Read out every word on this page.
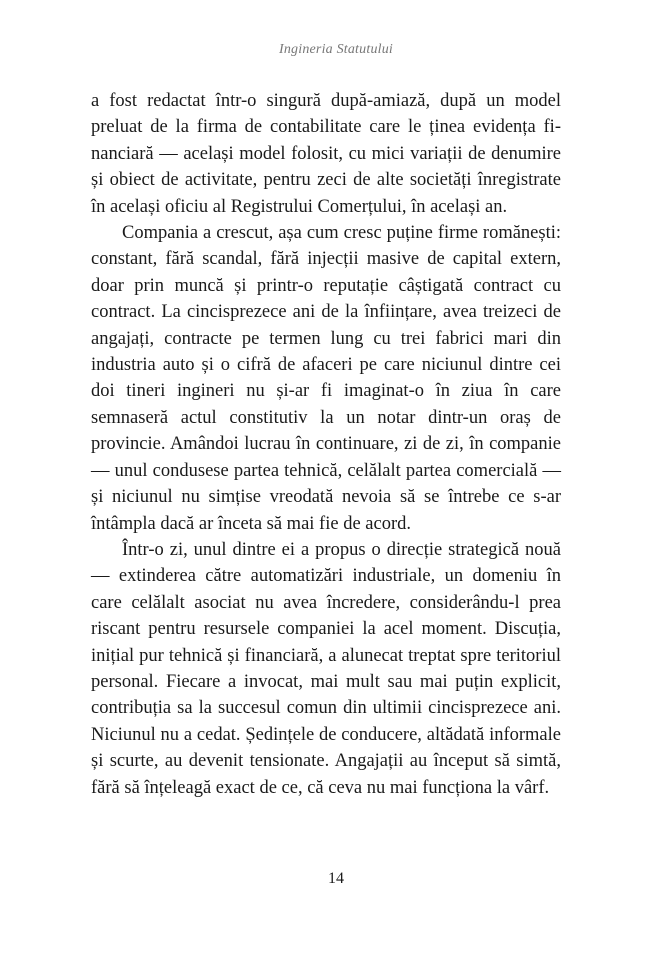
Ingineria Statutului

a fost redactat într-o singură după-amiază, după un model preluat de la firma de contabilitate care le ținea evidența financiară — același model folosit, cu mici variații de denumire și obiect de activitate, pentru zeci de alte societăți înregistrate în același oficiu al Registrului Comerțului, în același an.

Compania a crescut, așa cum cresc puține firme romănești: constant, fără scandal, fără injecții masive de capital extern, doar prin muncă și printr-o reputație câștigată contract cu contract. La cincisprezece ani de la înființare, avea treizeci de angajați, contracte pe termen lung cu trei fabrici mari din industria auto și o cifră de afaceri pe care niciunul dintre cei doi tineri ingineri nu și-ar fi imaginat-o în ziua în care semnaseră actul constitutiv la un notar dintr-un oraș de provincie. Amândoi lucrau în continuare, zi de zi, în companie — unul condusese partea tehnică, celălalt partea comercială — și niciunul nu simțise vreodată nevoia să se întrebe ce s-ar întâmpla dacă ar înceta să mai fie de acord.

Într-o zi, unul dintre ei a propus o direcție strategică nouă — extinderea către automatizări industriale, un domeniu în care celălalt asociat nu avea încredere, considerându-l prea riscant pentru resursele companiei la acel moment. Discuția, inițial pur tehnică și financiară, a alunecat treptat spre teritoriul personal. Fiecare a invocat, mai mult sau mai puțin explicit, contribuția sa la succesul comun din ultimii cincisprezece ani. Niciunul nu a cedat. Ședințele de conducere, altădată informale și scurte, au devenit tensionate. Angajații au început să simtă, fără să înțeleagă exact de ce, că ceva nu mai funcționa la vârf.

14
